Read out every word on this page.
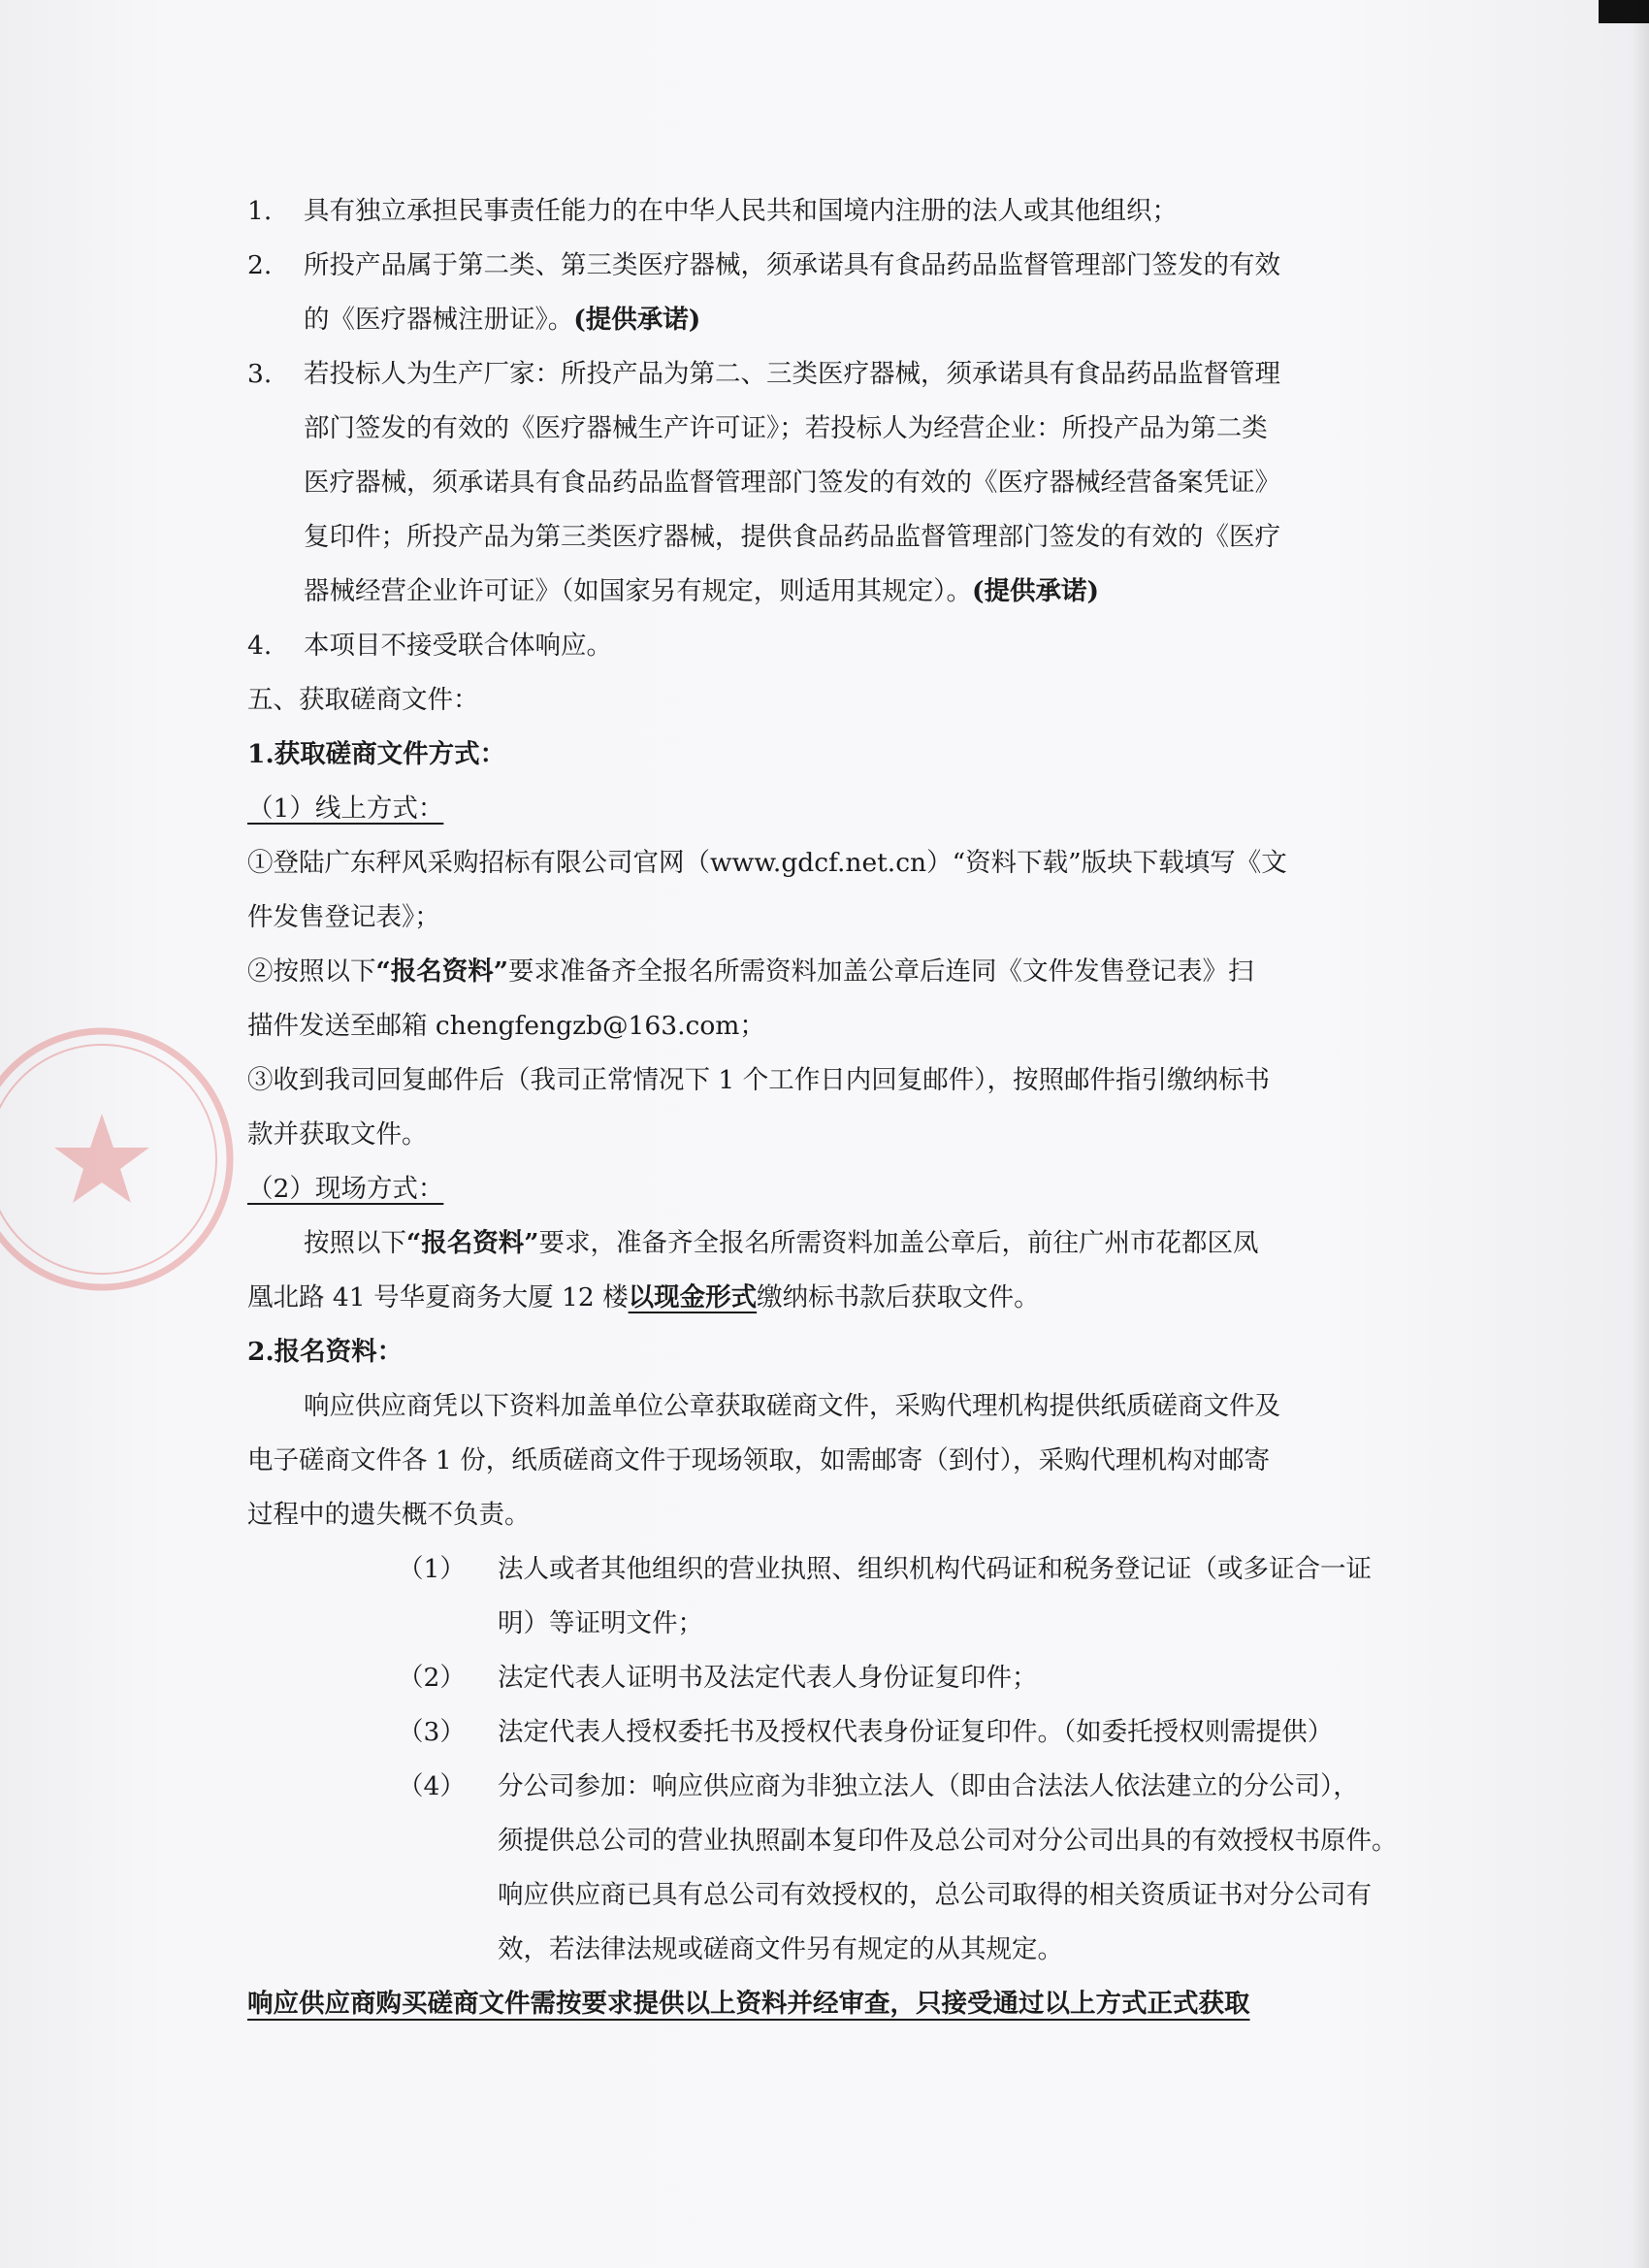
1. 具有独立承担民事责任能力的在中华人民共和国境内注册的法人或其他组织；
2. 所投产品属于第二类、第三类医疗器械，须承诺具有食品药品监督管理部门签发的有效
的《医疗器械注册证》。(提供承诺)
3. 若投标人为生产厂家：所投产品为第二、三类医疗器械，须承诺具有食品药品监督管理
部门签发的有效的《医疗器械生产许可证》；若投标人为经营企业：所投产品为第二类
医疗器械，须承诺具有食品药品监督管理部门签发的有效的《医疗器械经营备案凭证》
复印件；所投产品为第三类医疗器械，提供食品药品监督管理部门签发的有效的《医疗
器械经营企业许可证》（如国家另有规定，则适用其规定）。(提供承诺)
4. 本项目不接受联合体响应。
五、获取磋商文件：
1.获取磋商文件方式：
（1）线上方式：
①登陆广东秤风采购招标有限公司官网（www.gdcf.net.cn）“资料下载”版块下载填写《文
件发售登记表》；
②按照以下“报名资料”要求准备齐全报名所需资料加盖公章后连同《文件发售登记表》扫
描件发送至邮箱 chengfengzb@163.com；
③收到我司回复邮件后（我司正常情况下 1 个工作日内回复邮件），按照邮件指引缴纳标书
款并获取文件。
（2）现场方式：
按照以下“报名资料”要求，准备齐全报名所需资料加盖公章后，前往广州市花都区凤
凰北路 41 号华夏商务大厦 12 楼以现金形式缴纳标书款后获取文件。
2.报名资料：
响应供应商凭以下资料加盖单位公章获取磋商文件，采购代理机构提供纸质磋商文件及
电子磋商文件各 1 份，纸质磋商文件于现场领取，如需邮寄（到付），采购代理机构对邮寄
过程中的遗失概不负责。
（1） 法人或者其他组织的营业执照、组织机构代码证和税务登记证（或多证合一证
明）等证明文件；
（2） 法定代表人证明书及法定代表人身份证复印件；
（3） 法定代表人授权委托书及授权代表身份证复印件。（如委托授权则需提供）
（4） 分公司参加：响应供应商为非独立法人（即由合法法人依法建立的分公司），
须提供总公司的营业执照副本复印件及总公司对分公司出具的有效授权书原件。
响应供应商已具有总公司有效授权的，总公司取得的相关资质证书对分公司有
效，若法律法规或磋商文件另有规定的从其规定。
响应供应商购买磋商文件需按要求提供以上资料并经审查，只接受通过以上方式正式获取
